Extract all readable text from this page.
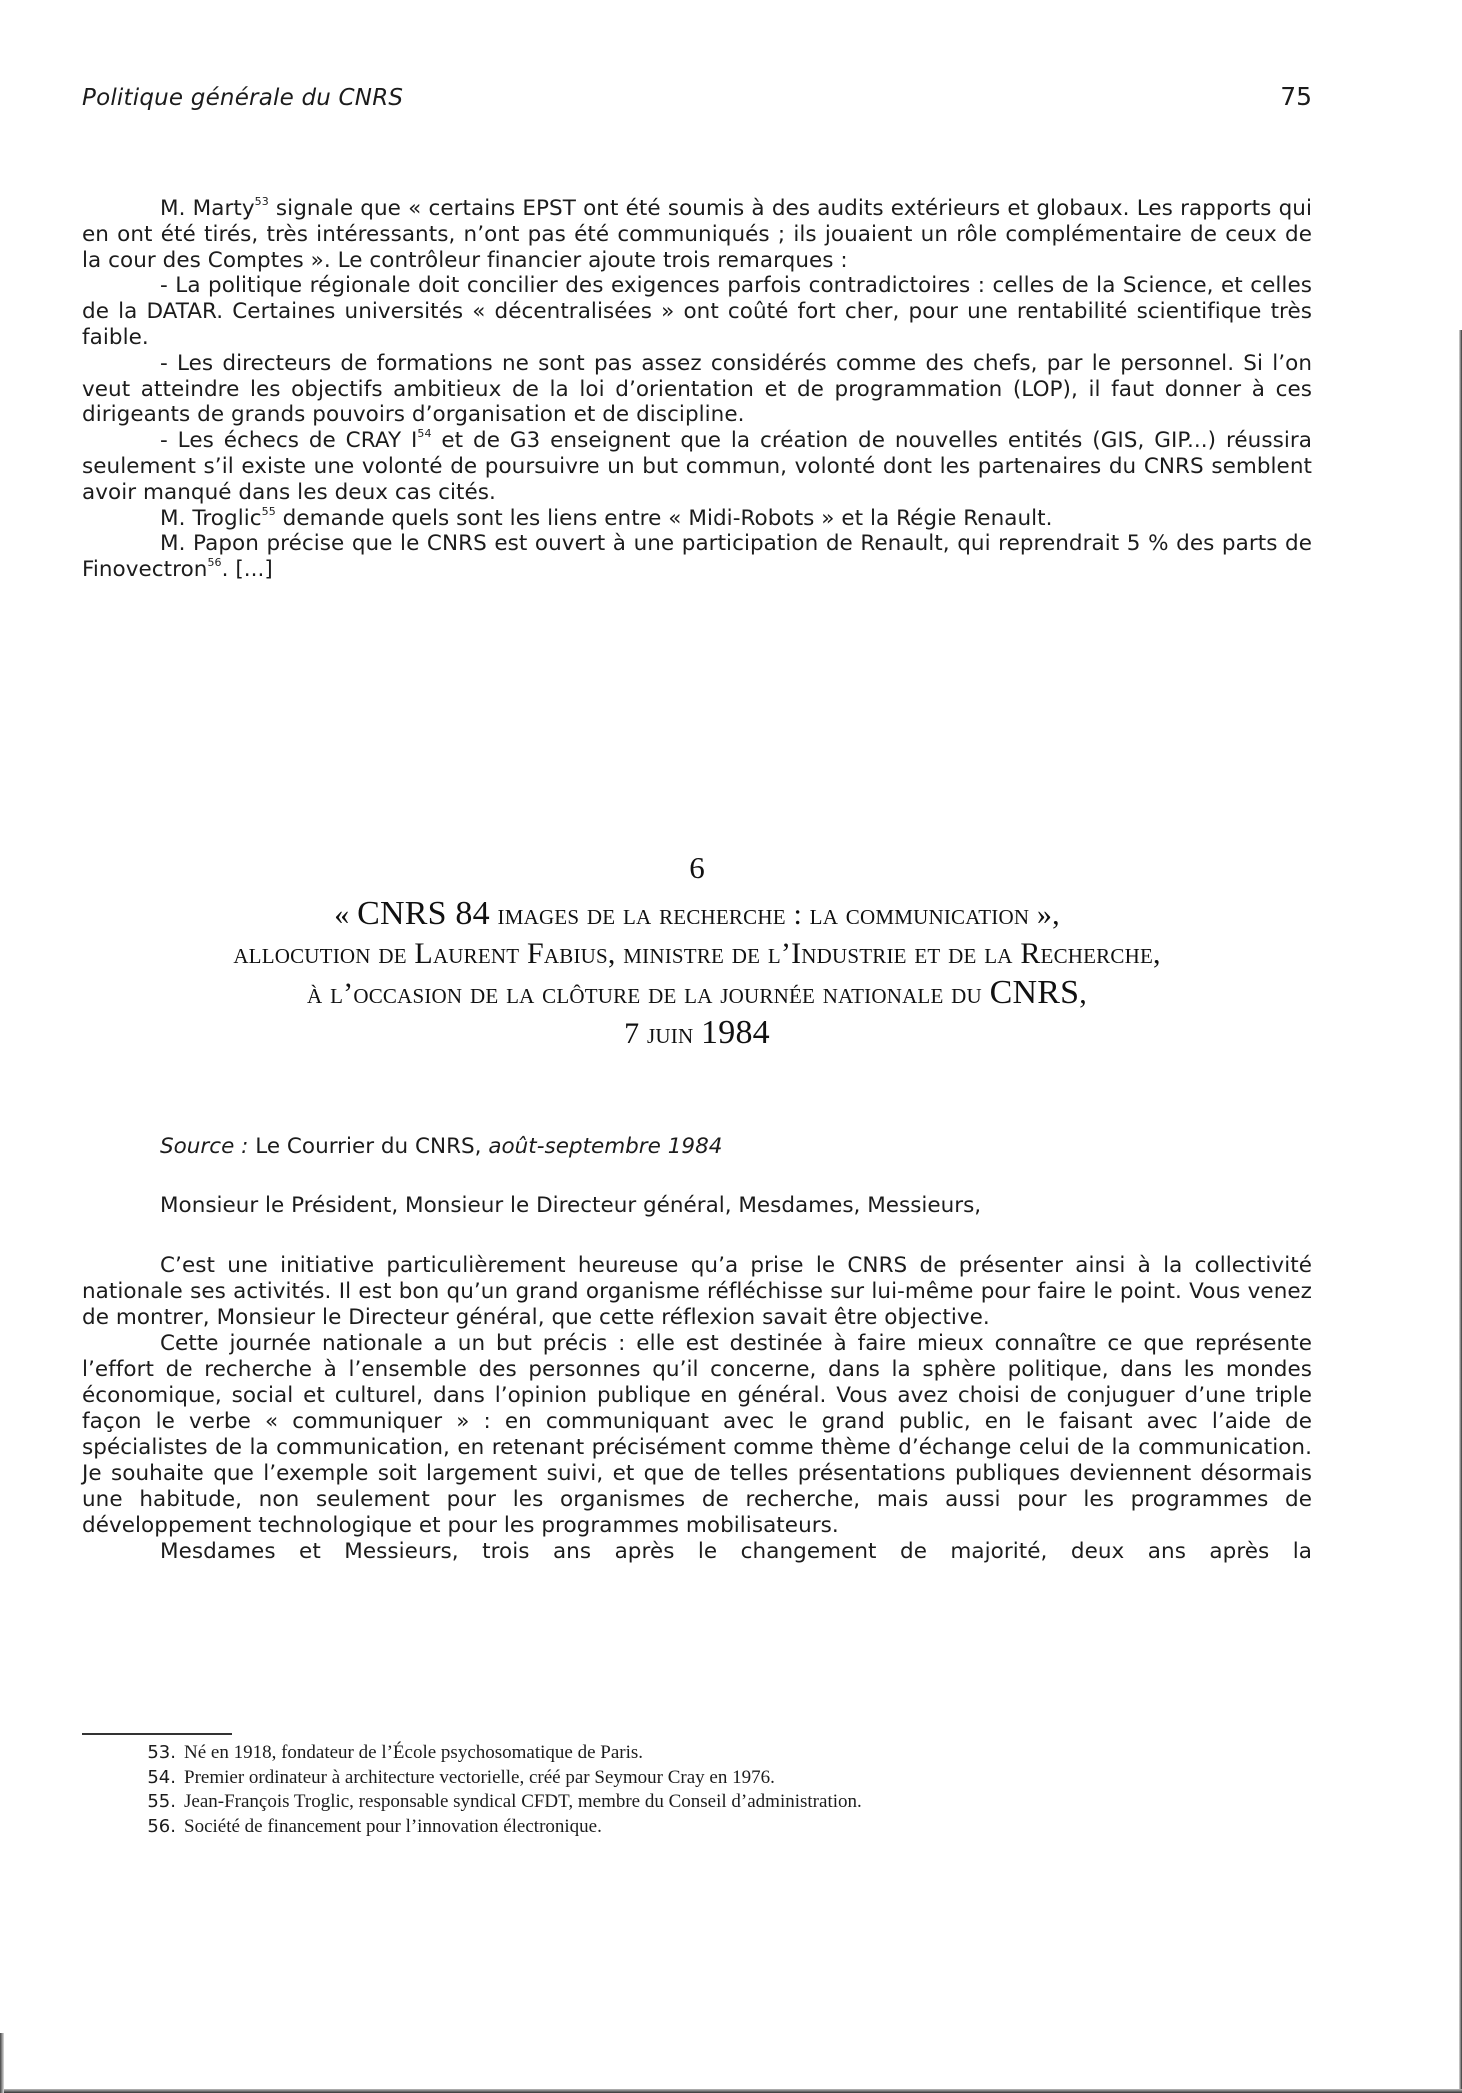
Politique générale du CNRS	75

M. Marty$^{53}$ signale que « certains EPST ont été soumis à des audits extérieurs et globaux. Les rapports qui en ont été tirés, très intéressants, n’ont pas été communiqués ; ils jouaient un rôle complémentaire de ceux de la cour des Comptes ». Le contrôleur financier ajoute trois remarques :

- La politique régionale doit concilier des exigences parfois contradictoires : celles de la Science, et celles de la DATAR. Certaines universités « décentralisées » ont coûté fort cher, pour une rentabilité scientifique très faible.

- Les directeurs de formations ne sont pas assez considérés comme des chefs, par le personnel. Si l’on veut atteindre les objectifs ambitieux de la loi d’orientation et de programmation (LOP), il faut donner à ces dirigeants de grands pouvoirs d’organisation et de discipline.

- Les échecs de CRAY $I^{54}$ et de G3 enseignent que la création de nouvelles entités (GIS, GIP...) réussira seulement s’il existe une volonté de poursuivre un but commun, volonté dont les partenaires du CNRS semblent avoir manqué dans les deux cas cités.

M. Troglic$^{55}$ demande quels sont les liens entre « Midi-Robots » et la Régie Renault.

M. Papon précise que le CNRS est ouvert à une participation de Renault, qui reprendrait 5 % des parts de Finovectron$^{56}$. [...]

6
« CNRS 84 images de la recherche : la communication »,
allocution de Laurent Fabius, ministre de l’Industrie et de la Recherche,
à l’occasion de la clôture de la journée nationale du CNRS,
7 juin 1984
Source : Le Courrier du CNRS, août-septembre 1984
Monsieur le Président, Monsieur le Directeur général, Mesdames, Messieurs,

C’est une initiative particulièrement heureuse qu’a prise le CNRS de présenter ainsi à la collectivité nationale ses activités. Il est bon qu’un grand organisme réfléchisse sur lui-même pour faire le point. Vous venez de montrer, Monsieur le Directeur général, que cette réflexion savait être objective.

Cette journée nationale a un but précis : elle est destinée à faire mieux connaître ce que représente l’effort de recherche à l’ensemble des personnes qu’il concerne, dans la sphère politique, dans les mondes économique, social et culturel, dans l’opinion publique en général. Vous avez choisi de conjuguer d’une triple façon le verbe « communiquer » : en communiquant avec le grand public, en le faisant avec l’aide de spécialistes de la communication, en retenant précisément comme thème d’échange celui de la communication. Je souhaite que l’exemple soit largement suivi, et que de telles présentations publiques deviennent désormais une habitude, non seulement pour les organismes de recherche, mais aussi pour les programmes de développement technologique et pour les programmes mobilisateurs.

Mesdames et Messieurs, trois ans après le changement de majorité, deux ans après la

53. Né en 1918, fondateur de l’École psychosomatique de Paris.
54. Premier ordinateur à architecture vectorielle, créé par Seymour Cray en 1976.
55. Jean-François Troglic, responsable syndical CFDT, membre du Conseil d’administration.
56. Société de financement pour l’innovation électronique.
